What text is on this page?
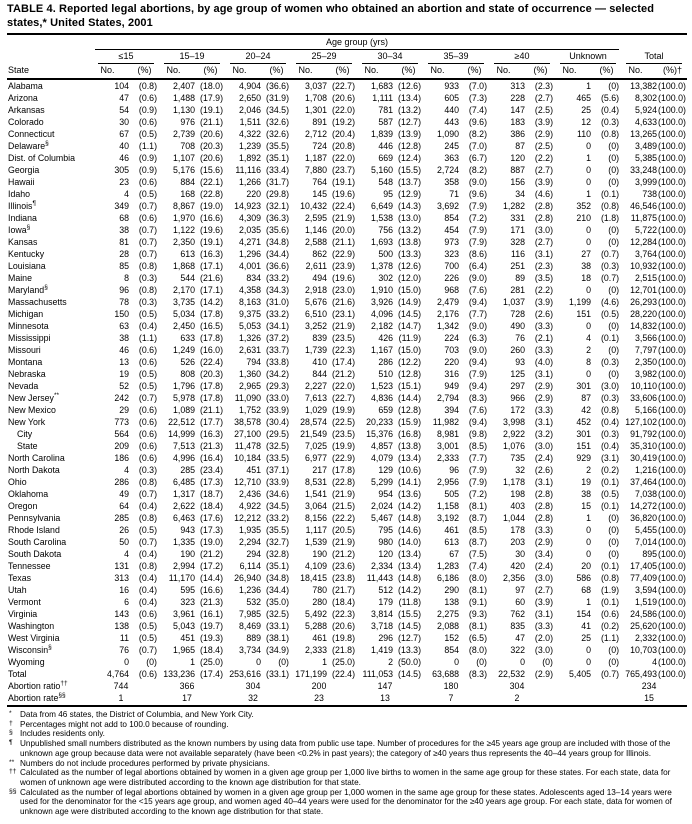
TABLE 4. Reported legal abortions, by age group of women who obtained an abortion and state of occurrence — selected states,* United States, 2001

	Age group (yrs)																	

	≤15		15–19		20–24		25–29		30–34		35–39		≥40		Unknown		Total	

State	No.	(%)	No.	(%)	No.	(%)	No.	(%)	No.	(%)	No.	(%)	No.	(%)	No.	(%)	No.	(%)†
Alabama	104	(0.8)	2,407	(18.0)	4,904	(36.6)	3,037	(22.7)	1,683	(12.6)	933	(7.0)	313	(2.3)	1	(0)	13,382	(100.0)
Arizona	47	(0.6)	1,488	(17.9)	2,650	(31.9)	1,708	(20.6)	1,111	(13.4)	605	(7.3)	228	(2.7)	465	(5.6)	8,302	(100.0)
Arkansas	54	(0.9)	1,130	(19.1)	2,046	(34.5)	1,301	(22.0)	781	(13.2)	440	(7.4)	147	(2.5)	25	(0.4)	5,924	(100.0)
Colorado	30	(0.6)	976	(21.1)	1,511	(32.6)	891	(19.2)	587	(12.7)	443	(9.6)	183	(3.9)	12	(0.3)	4,633	(100.0)
Connecticut	67	(0.5)	2,739	(20.6)	4,322	(32.6)	2,712	(20.4)	1,839	(13.9)	1,090	(8.2)	386	(2.9)	110	(0.8)	13,265	(100.0)
Delaware§	40	(1.1)	708	(20.3)	1,239	(35.5)	724	(20.8)	446	(12.8)	245	(7.0)	87	(2.5)	0	(0)	3,489	(100.0)
Dist. of Columbia	46	(0.9)	1,107	(20.6)	1,892	(35.1)	1,187	(22.0)	669	(12.4)	363	(6.7)	120	(2.2)	1	(0)	5,385	(100.0)
Georgia	305	(0.9)	5,176	(15.6)	11,116	(33.4)	7,880	(23.7)	5,160	(15.5)	2,724	(8.2)	887	(2.7)	0	(0)	33,248	(100.0)
Hawaii	23	(0.6)	884	(22.1)	1,266	(31.7)	764	(19.1)	548	(13.7)	358	(9.0)	156	(3.9)	0	(0)	3,999	(100.0)
Idaho	4	(0.5)	168	(22.8)	220	(29.8)	145	(19.6)	95	(12.9)	71	(9.6)	34	(4.6)	1	(0.1)	738	(100.0)
Illinois¶	349	(0.7)	8,867	(19.0)	14,923	(32.1)	10,432	(22.4)	6,649	(14.3)	3,692	(7.9)	1,282	(2.8)	352	(0.8)	46,546	(100.0)
Indiana	68	(0.6)	1,970	(16.6)	4,309	(36.3)	2,595	(21.9)	1,538	(13.0)	854	(7.2)	331	(2.8)	210	(1.8)	11,875	(100.0)
Iowa§	38	(0.7)	1,122	(19.6)	2,035	(35.6)	1,146	(20.0)	756	(13.2)	454	(7.9)	171	(3.0)	0	(0)	5,722	(100.0)
Kansas	81	(0.7)	2,350	(19.1)	4,271	(34.8)	2,588	(21.1)	1,693	(13.8)	973	(7.9)	328	(2.7)	0	(0)	12,284	(100.0)
Kentucky	28	(0.7)	613	(16.3)	1,296	(34.4)	862	(22.9)	500	(13.3)	323	(8.6)	116	(3.1)	27	(0.7)	3,764	(100.0)
Louisiana	85	(0.8)	1,868	(17.1)	4,001	(36.6)	2,611	(23.9)	1,378	(12.6)	700	(6.4)	251	(2.3)	38	(0.3)	10,932	(100.0)
Maine	8	(0.3)	544	(21.6)	834	(33.2)	494	(19.6)	302	(12.0)	226	(9.0)	89	(3.5)	18	(0.7)	2,515	(100.0)
Maryland§	96	(0.8)	2,170	(17.1)	4,358	(34.3)	2,918	(23.0)	1,910	(15.0)	968	(7.6)	281	(2.2)	0	(0)	12,701	(100.0)
Massachusetts	78	(0.3)	3,735	(14.2)	8,163	(31.0)	5,676	(21.6)	3,926	(14.9)	2,479	(9.4)	1,037	(3.9)	1,199	(4.6)	26,293	(100.0)
Michigan	150	(0.5)	5,034	(17.8)	9,375	(33.2)	6,510	(23.1)	4,096	(14.5)	2,176	(7.7)	728	(2.6)	151	(0.5)	28,220	(100.0)
Minnesota	63	(0.4)	2,450	(16.5)	5,053	(34.1)	3,252	(21.9)	2,182	(14.7)	1,342	(9.0)	490	(3.3)	0	(0)	14,832	(100.0)
Mississippi	38	(1.1)	633	(17.8)	1,326	(37.2)	839	(23.5)	426	(11.9)	224	(6.3)	76	(2.1)	4	(0.1)	3,566	(100.0)
Missouri	46	(0.6)	1,249	(16.0)	2,631	(33.7)	1,739	(22.3)	1,167	(15.0)	703	(9.0)	260	(3.3)	2	(0)	7,797	(100.0)
Montana	13	(0.6)	526	(22.4)	794	(33.8)	410	(17.4)	286	(12.2)	220	(9.4)	93	(4.0)	8	(0.3)	2,350	(100.0)
Nebraska	19	(0.5)	808	(20.3)	1,360	(34.2)	844	(21.2)	510	(12.8)	316	(7.9)	125	(3.1)	0	(0)	3,982	(100.0)
Nevada	52	(0.5)	1,796	(17.8)	2,965	(29.3)	2,227	(22.0)	1,523	(15.1)	949	(9.4)	297	(2.9)	301	(3.0)	10,110	(100.0)
New Jersey**	242	(0.7)	5,978	(17.8)	11,090	(33.0)	7,613	(22.7)	4,836	(14.4)	2,794	(8.3)	966	(2.9)	87	(0.3)	33,606	(100.0)
New Mexico	29	(0.6)	1,089	(21.1)	1,752	(33.9)	1,029	(19.9)	659	(12.8)	394	(7.6)	172	(3.3)	42	(0.8)	5,166	(100.0)
New York	773	(0.6)	22,512	(17.7)	38,578	(30.4)	28,574	(22.5)	20,233	(15.9)	11,982	(9.4)	3,998	(3.1)	452	(0.4)	127,102	(100.0)
City	564	(0.6)	14,999	(16.3)	27,100	(29.5)	21,549	(23.5)	15,376	(16.8)	8,981	(9.8)	2,922	(3.2)	301	(0.3)	91,792	(100.0)
State	209	(0.6)	7,513	(21.3)	11,478	(32.5)	7,025	(19.9)	4,857	(13.8)	3,001	(8.5)	1,076	(3.0)	151	(0.4)	35,310	(100.0)
North Carolina	186	(0.6)	4,996	(16.4)	10,184	(33.5)	6,977	(22.9)	4,079	(13.4)	2,333	(7.7)	735	(2.4)	929	(3.1)	30,419	(100.0)
North Dakota	4	(0.3)	285	(23.4)	451	(37.1)	217	(17.8)	129	(10.6)	96	(7.9)	32	(2.6)	2	(0.2)	1,216	(100.0)
Ohio	286	(0.8)	6,485	(17.3)	12,710	(33.9)	8,531	(22.8)	5,299	(14.1)	2,956	(7.9)	1,178	(3.1)	19	(0.1)	37,464	(100.0)
Oklahoma	49	(0.7)	1,317	(18.7)	2,436	(34.6)	1,541	(21.9)	954	(13.6)	505	(7.2)	198	(2.8)	38	(0.5)	7,038	(100.0)
Oregon	64	(0.4)	2,622	(18.4)	4,922	(34.5)	3,064	(21.5)	2,024	(14.2)	1,158	(8.1)	403	(2.8)	15	(0.1)	14,272	(100.0)
Pennsylvania	285	(0.8)	6,463	(17.6)	12,212	(33.2)	8,156	(22.2)	5,467	(14.8)	3,192	(8.7)	1,044	(2.8)	1	(0)	36,820	(100.0)
Rhode Island	26	(0.5)	943	(17.3)	1,935	(35.5)	1,117	(20.5)	795	(14.6)	461	(8.5)	178	(3.3)	0	(0)	5,455	(100.0)
South Carolina	50	(0.7)	1,335	(19.0)	2,294	(32.7)	1,539	(21.9)	980	(14.0)	613	(8.7)	203	(2.9)	0	(0)	7,014	(100.0)
South Dakota	4	(0.4)	190	(21.2)	294	(32.8)	190	(21.2)	120	(13.4)	67	(7.5)	30	(3.4)	0	(0)	895	(100.0)
Tennessee	131	(0.8)	2,994	(17.2)	6,114	(35.1)	4,109	(23.6)	2,334	(13.4)	1,283	(7.4)	420	(2.4)	20	(0.1)	17,405	(100.0)
Texas	313	(0.4)	11,170	(14.4)	26,940	(34.8)	18,415	(23.8)	11,443	(14.8)	6,186	(8.0)	2,356	(3.0)	586	(0.8)	77,409	(100.0)
Utah	16	(0.4)	595	(16.6)	1,236	(34.4)	780	(21.7)	512	(14.2)	290	(8.1)	97	(2.7)	68	(1.9)	3,594	(100.0)
Vermont	6	(0.4)	323	(21.3)	532	(35.0)	280	(18.4)	179	(11.8)	138	(9.1)	60	(3.9)	1	(0.1)	1,519	(100.0)
Virginia	143	(0.6)	3,961	(16.1)	7,985	(32.5)	5,492	(22.3)	3,814	(15.5)	2,275	(9.3)	762	(3.1)	154	(0.6)	24,586	(100.0)
Washington	138	(0.5)	5,043	(19.7)	8,469	(33.1)	5,288	(20.6)	3,718	(14.5)	2,088	(8.1)	835	(3.3)	41	(0.2)	25,620	(100.0)
West Virginia	11	(0.5)	451	(19.3)	889	(38.1)	461	(19.8)	296	(12.7)	152	(6.5)	47	(2.0)	25	(1.1)	2,332	(100.0)
Wisconsin§	76	(0.7)	1,965	(18.4)	3,734	(34.9)	2,333	(21.8)	1,419	(13.3)	854	(8.0)	322	(3.0)	0	(0)	10,703	(100.0)
Wyoming	0	(0)	1	(25.0)	0	(0)	1	(25.0)	2	(50.0)	0	(0)	0	(0)	0	(0)	4	(100.0)
Total	4,764	(0.6)	133,236	(17.4)	253,616	(33.1)	171,199	(22.4)	111,053	(14.5)	63,688	(8.3)	22,532	(2.9)	5,405	(0.7)	765,493	(100.0)
Abortion ratio††	744		366		304		200		147		180		304				234	
Abortion rate§§	1		17		32		23		13		7		2				15	
* Data from 46 states, the District of Columbia, and New York City.
† Percentages might not add to 100.0 because of rounding.
§ Includes residents only.
¶ Unpublished small numbers distributed as the known numbers by using data from public use tape. Number of procedures for the ≥45 years age group are included with those of the unknown age group because data were not available separately (have been <0.2% in past years); the category of ≥40 years thus represents the 40–44 years group for Illinois.
** Numbers do not include procedures performed by private physicians.
†† Calculated as the number of legal abortions obtained by women in a given age group per 1,000 live births to women in the same age group for these states. For each state, data for women of unknown age were distributed according to the known age distribution for that state.
§§ Calculated as the number of legal abortions obtained by women in a given age group per 1,000 women in the same age group for these states. Adolescents aged 13–14 years were used for the denominator for the <15 years age group, and women aged 40–44 years were used for the denominator for the ≥40 years age group. For each state, data for women of unknown age were distributed according to the known age distribution for that state.
